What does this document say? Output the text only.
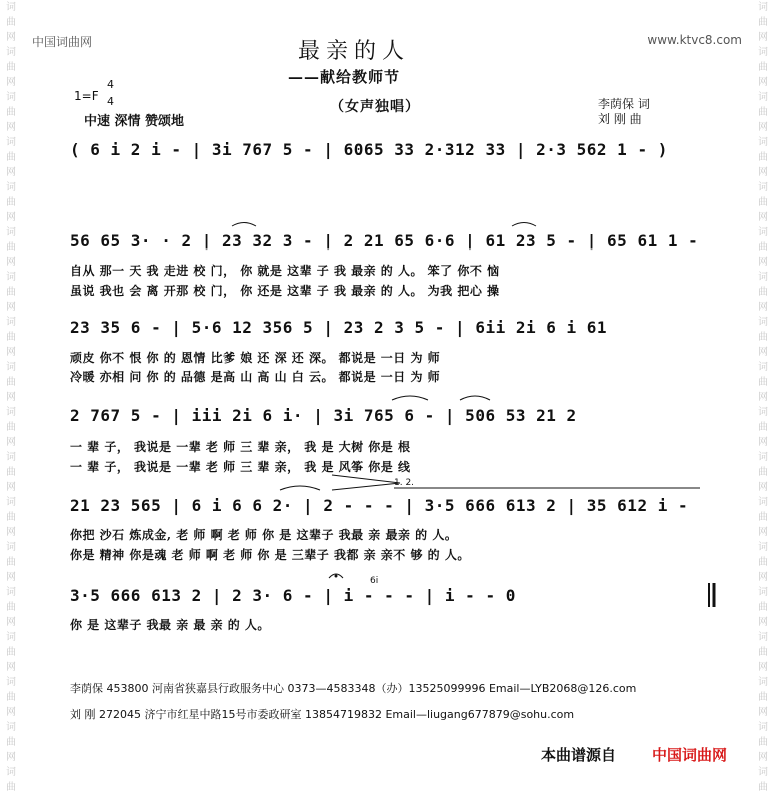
词
曲
网
词
曲
网
词
曲
网
词
曲
网
词
曲
网
词
曲
网
词
曲
网
词
曲
网
词
曲
网
词
曲
网
词
曲
网
词
曲
网
词
曲
网
词
曲
网
词
曲
网
词
曲
网
词
曲
网
词
曲
词
曲
网
词
曲
网
词
曲
网
词
曲
网
词
曲
网
词
曲
网
词
曲
网
词
曲
网
词
曲
网
词
曲
网
词
曲
网
词
曲
网
词
曲
网
词
曲
网
词
曲
网
词
曲
网
词
曲
网
词
曲
中国词曲网	www.ktvc8.com
最亲的人
——献给教师节
（女声独唱）	李荫保 词
刘 刚 曲
1=F
4
4
中速 深情 赞颂地
( 6 i 2 i - | 3i 767 5 - | 6065 33 2·312 33 | 2·3 562 1 - )
56 65 3· · 2 | 23 32 3 - | 2 21 65 6·6 | 61 23 5 - | 65 61 1 -
自从 那一 天 我 走进 校 门， 你 就是 这辈 子 我 最亲 的 人。 笨了 你不 恼
虽说 我也 会 离 开那 校 门， 你 还是 这辈 子 我 最亲 的 人。 为我 把心 操
23 35 6 - | 5·6 12 356 5 | 23 2 3 5 - | 6ii 2i 6 i 61
顽皮 你不 恨 你 的 恩情 比爹 娘 还 深 还 深。 都说是 一日 为 师
冷暖 亦相 问 你 的 品德 是高 山 高 山 白 云。 都说是 一日 为 师
2 767 5 - | iii 2i 6 i· | 3i 765 6 - | 506 53 21 2
一 辈 子， 我说是 一辈 老 师 三 辈 亲， 我 是 大树 你是 根
一 辈 子， 我说是 一辈 老 师 三 辈 亲， 我 是 风筝 你是 线
1. 2.
21 23 565 | 6 i 6 6 2· | 2 - - - | 3·5 666 613 2 | 35 612 i -
你把 沙石 炼成金, 老 师 啊 老 师 你 是 这辈子 我最 亲 最亲 的 人。
你是 精神 你是魂 老 师 啊 老 师 你 是 三辈子 我都 亲 亲不 够 的 人。
6i
3·5 666 613 2 | 2 3· 6 - | i - - - | i - - 0
你 是 这辈子 我最 亲 最 亲 的 人。
李荫保 453800 河南省狭嘉县行政服务中心 0373—4583348（办）13525099996 Email—LYB2068@126.com
刘 刚 272045 济宁市红星中路15号市委政研室 13854719832 Email—liugang677879@sohu.com
本曲谱源自 中国词曲网
